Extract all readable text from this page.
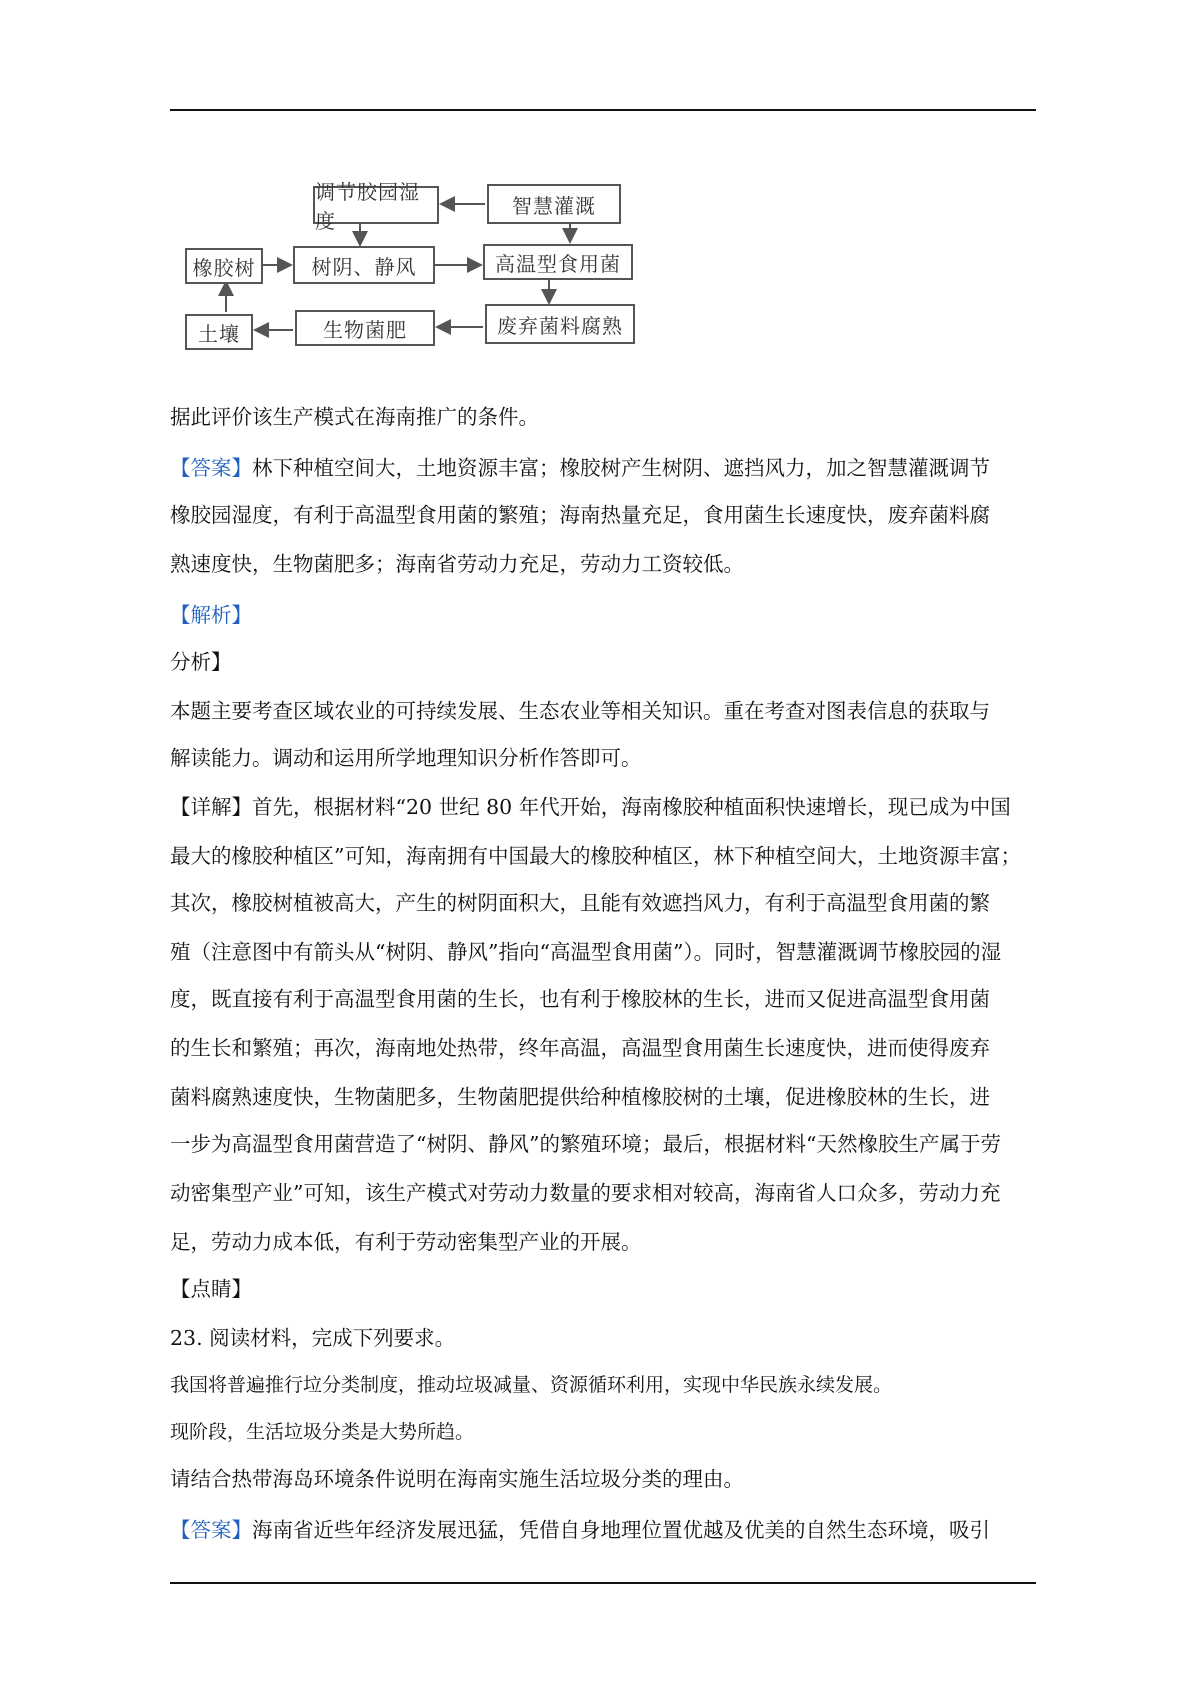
调节胶园湿度
智慧灌溉
橡胶树	树阴、静风	高温型食用菌
土壤	生物菌肥	废弃菌料腐熟
据此评价该生产模式在海南推广的条件。
【答案】林下种植空间大，土地资源丰富；橡胶树产生树阴、遮挡风力，加之智慧灌溉调节
橡胶园湿度，有利于高温型食用菌的繁殖；海南热量充足，食用菌生长速度快，废弃菌料腐
熟速度快，生物菌肥多；海南省劳动力充足，劳动力工资较低。
【解析】
分析】
本题主要考查区域农业的可持续发展、生态农业等相关知识。重在考查对图表信息的获取与
解读能力。调动和运用所学地理知识分析作答即可。
【详解】首先，根据材料“20 世纪 80 年代开始，海南橡胶种植面积快速增长，现已成为中国
最大的橡胶种植区”可知，海南拥有中国最大的橡胶种植区，林下种植空间大，土地资源丰富；
其次，橡胶树植被高大，产生的树阴面积大，且能有效遮挡风力，有利于高温型食用菌的繁
殖（注意图中有箭头从“树阴、静风”指向“高温型食用菌”）。同时，智慧灌溉调节橡胶园的湿
度，既直接有利于高温型食用菌的生长，也有利于橡胶林的生长，进而又促进高温型食用菌
的生长和繁殖；再次，海南地处热带，终年高温，高温型食用菌生长速度快，进而使得废弃
菌料腐熟速度快，生物菌肥多，生物菌肥提供给种植橡胶树的土壤，促进橡胶林的生长，进
一步为高温型食用菌营造了“树阴、静风”的繁殖环境；最后，根据材料“天然橡胶生产属于劳
动密集型产业”可知，该生产模式对劳动力数量的要求相对较高，海南省人口众多，劳动力充
足，劳动力成本低，有利于劳动密集型产业的开展。
【点睛】
23. 阅读材料，完成下列要求。
我国将普遍推行垃分类制度，推动垃圾减量、资源循环利用，实现中华民族永续发展。
现阶段，生活垃圾分类是大势所趋。
请结合热带海岛环境条件说明在海南实施生活垃圾分类的理由。
【答案】海南省近些年经济发展迅猛，凭借自身地理位置优越及优美的自然生态环境，吸引
